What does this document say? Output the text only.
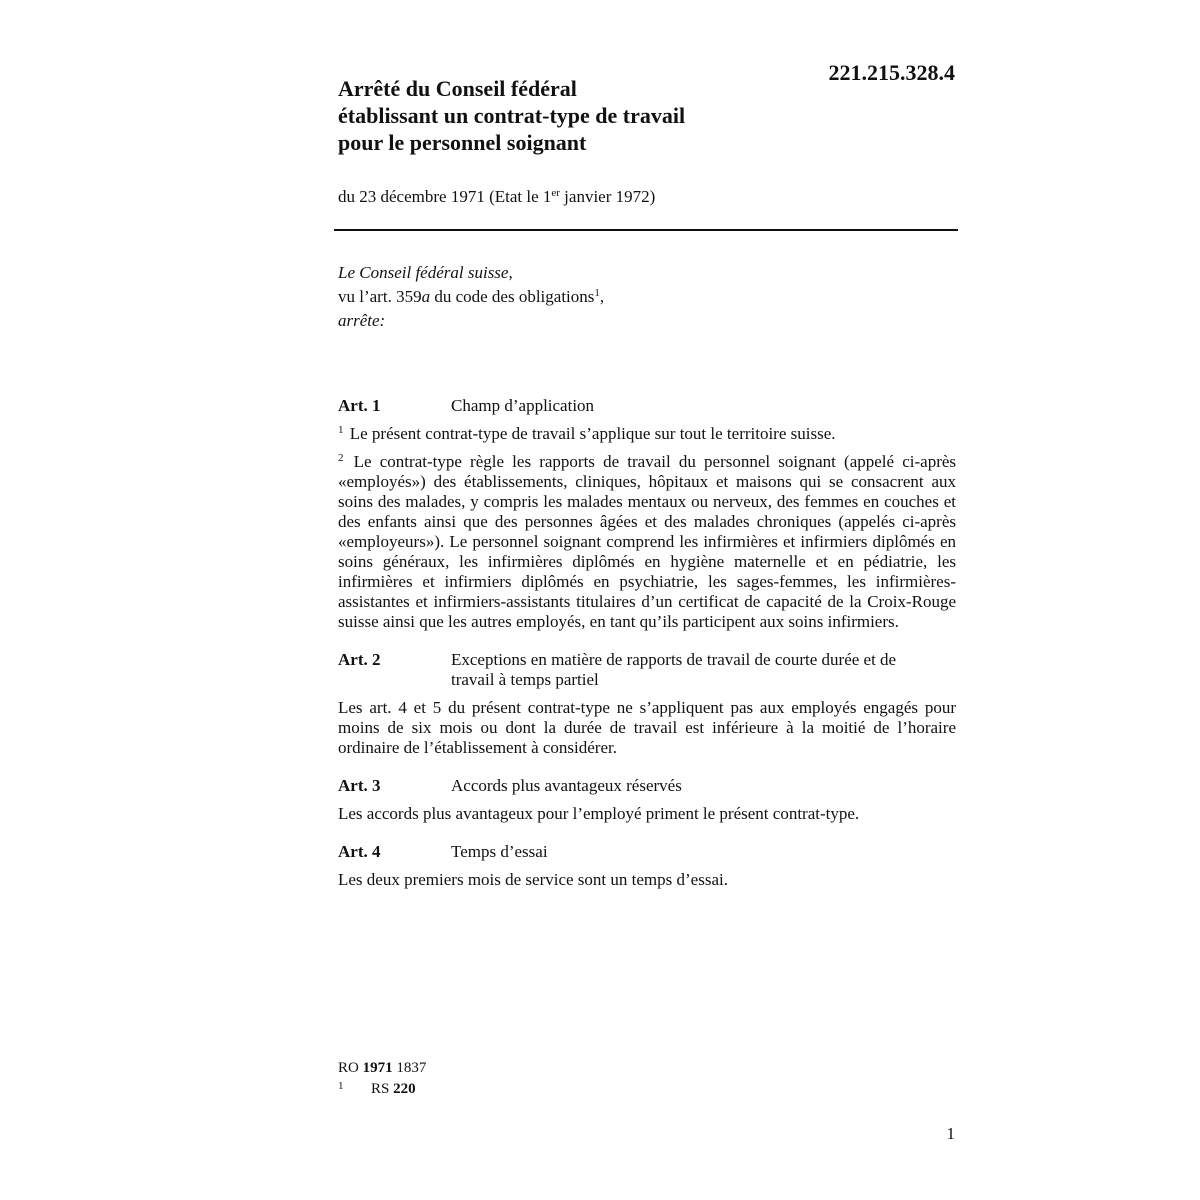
221.215.328.4
Arrêté du Conseil fédéral
établissant un contrat-type de travail
pour le personnel soignant
du 23 décembre 1971 (Etat le 1er janvier 1972)
Le Conseil fédéral suisse,
vu l’art. 359a du code des obligations$^1$,
arrête:
Art. 1	Champ d’application

$^1$ Le présent contrat-type de travail s’applique sur tout le territoire suisse.

$^2$ Le contrat-type règle les rapports de travail du personnel soignant (appelé ci-après «employés») des établissements, cliniques, hôpitaux et maisons qui se consacrent aux soins des malades, y compris les malades mentaux ou nerveux, des femmes en couches et des enfants ainsi que des personnes âgées et des malades chroniques (appelés ci-après «employeurs»). Le personnel soignant comprend les infirmières et infirmiers diplômés en soins généraux, les infirmières diplômés en hygiène maternelle et en pédiatrie, les infirmières et infirmiers diplômés en psychiatrie, les sages-femmes, les infirmières-assistantes et infirmiers-assistants titulaires d’un certificat de capacité de la Croix-Rouge suisse ainsi que les autres employés, en tant qu’ils participent aux soins infirmiers.

Art. 2	Exceptions en matière de rapports de travail de courte durée et de travail à temps partiel

Les art. 4 et 5 du présent contrat-type ne s’appliquent pas aux employés engagés pour moins de six mois ou dont la durée de travail est inférieure à la moitié de l’horaire ordinaire de l’établissement à considérer.

Art. 3	Accords plus avantageux réservés

Les accords plus avantageux pour l’employé priment le présent contrat-type.

Art. 4	Temps d’essai

Les deux premiers mois de service sont un temps d’essai.

RO 1971 1837
1	RS 220
1
